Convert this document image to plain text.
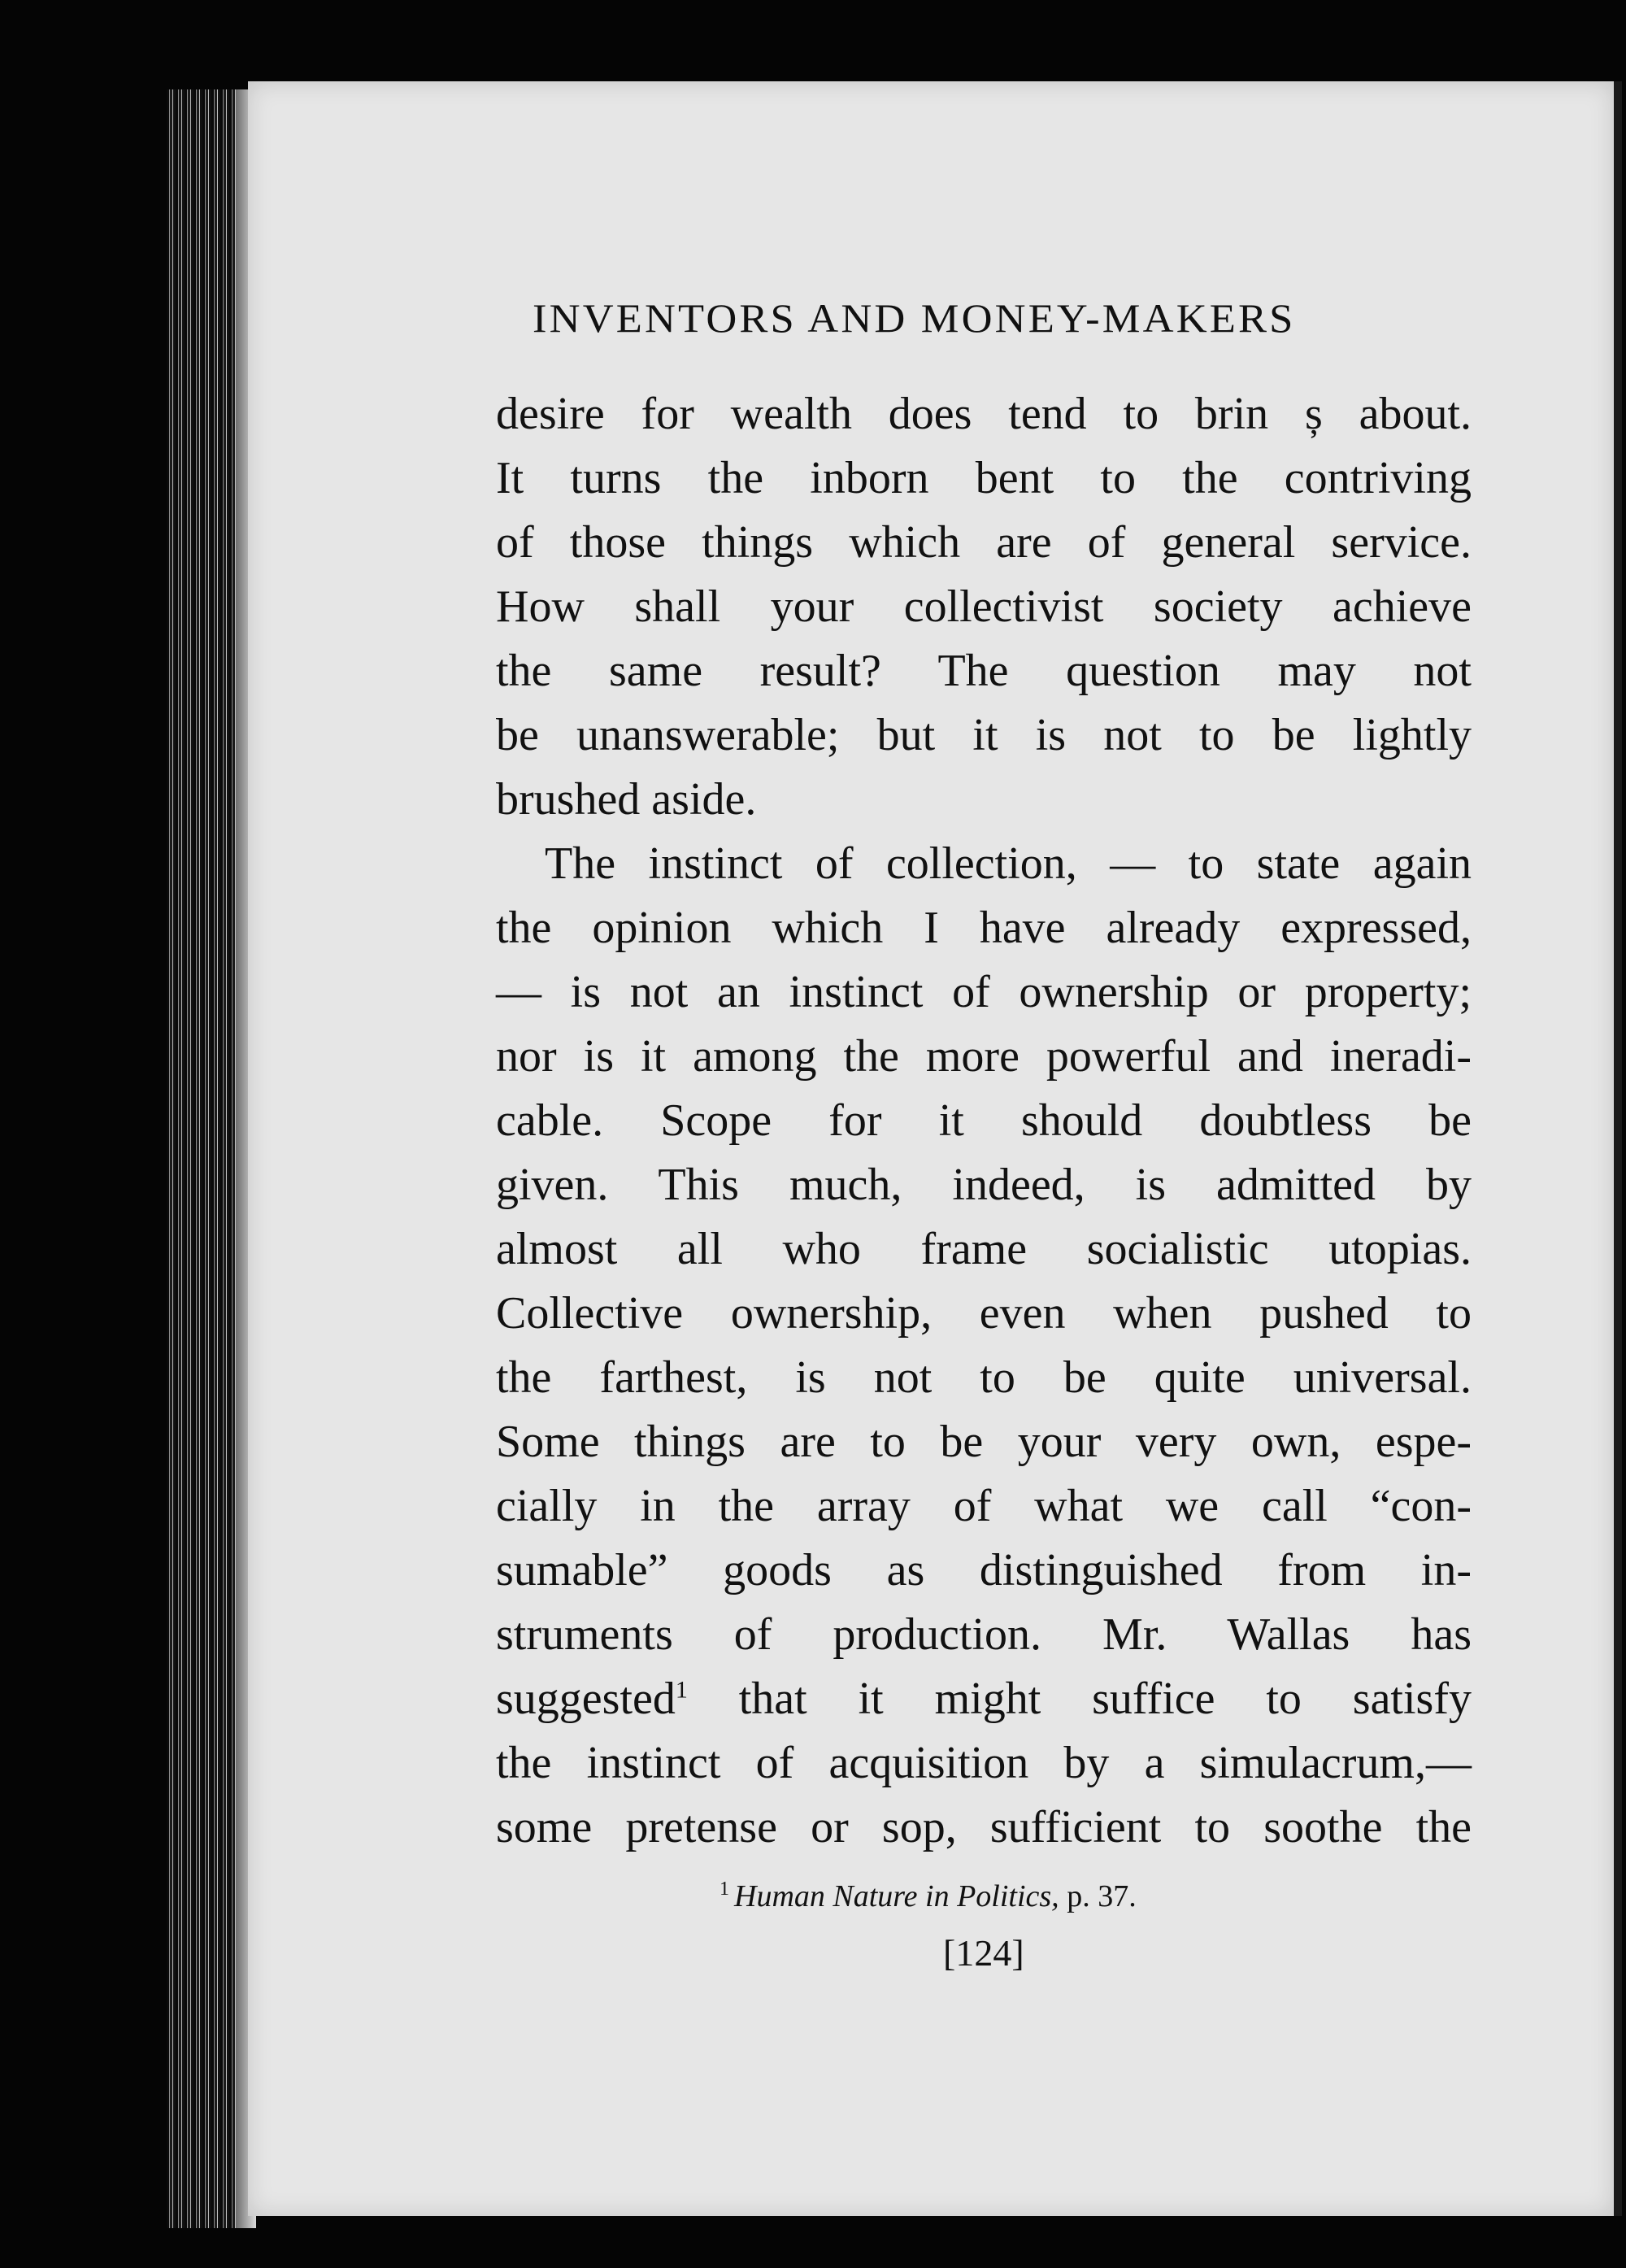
INVENTORS AND MONEY-MAKERS
desire for wealth does tend to brin ș about.
It turns the inborn bent to the contriving
of those things which are of general service.
How shall your collectivist society achieve
the same result? The question may not
be unanswerable; but it is not to be lightly
brushed aside.
The instinct of collection, — to state again
the opinion which I have already expressed,
— is not an instinct of ownership or property;
nor is it among the more powerful and ineradi-
cable. Scope for it should doubtless be
given. This much, indeed, is admitted by
almost all who frame socialistic utopias.
Collective ownership, even when pushed to
the farthest, is not to be quite universal.
Some things are to be your very own, espe-
cially in the array of what we call “con-
sumable” goods as distinguished from in-
struments of production. Mr. Wallas has
suggested$^1$ that it might suffice to satisfy
the instinct of acquisition by a simulacrum,—
some pretense or sop, sufficient to soothe the
$^1$ Human Nature in Politics, p. 37.
[124]
